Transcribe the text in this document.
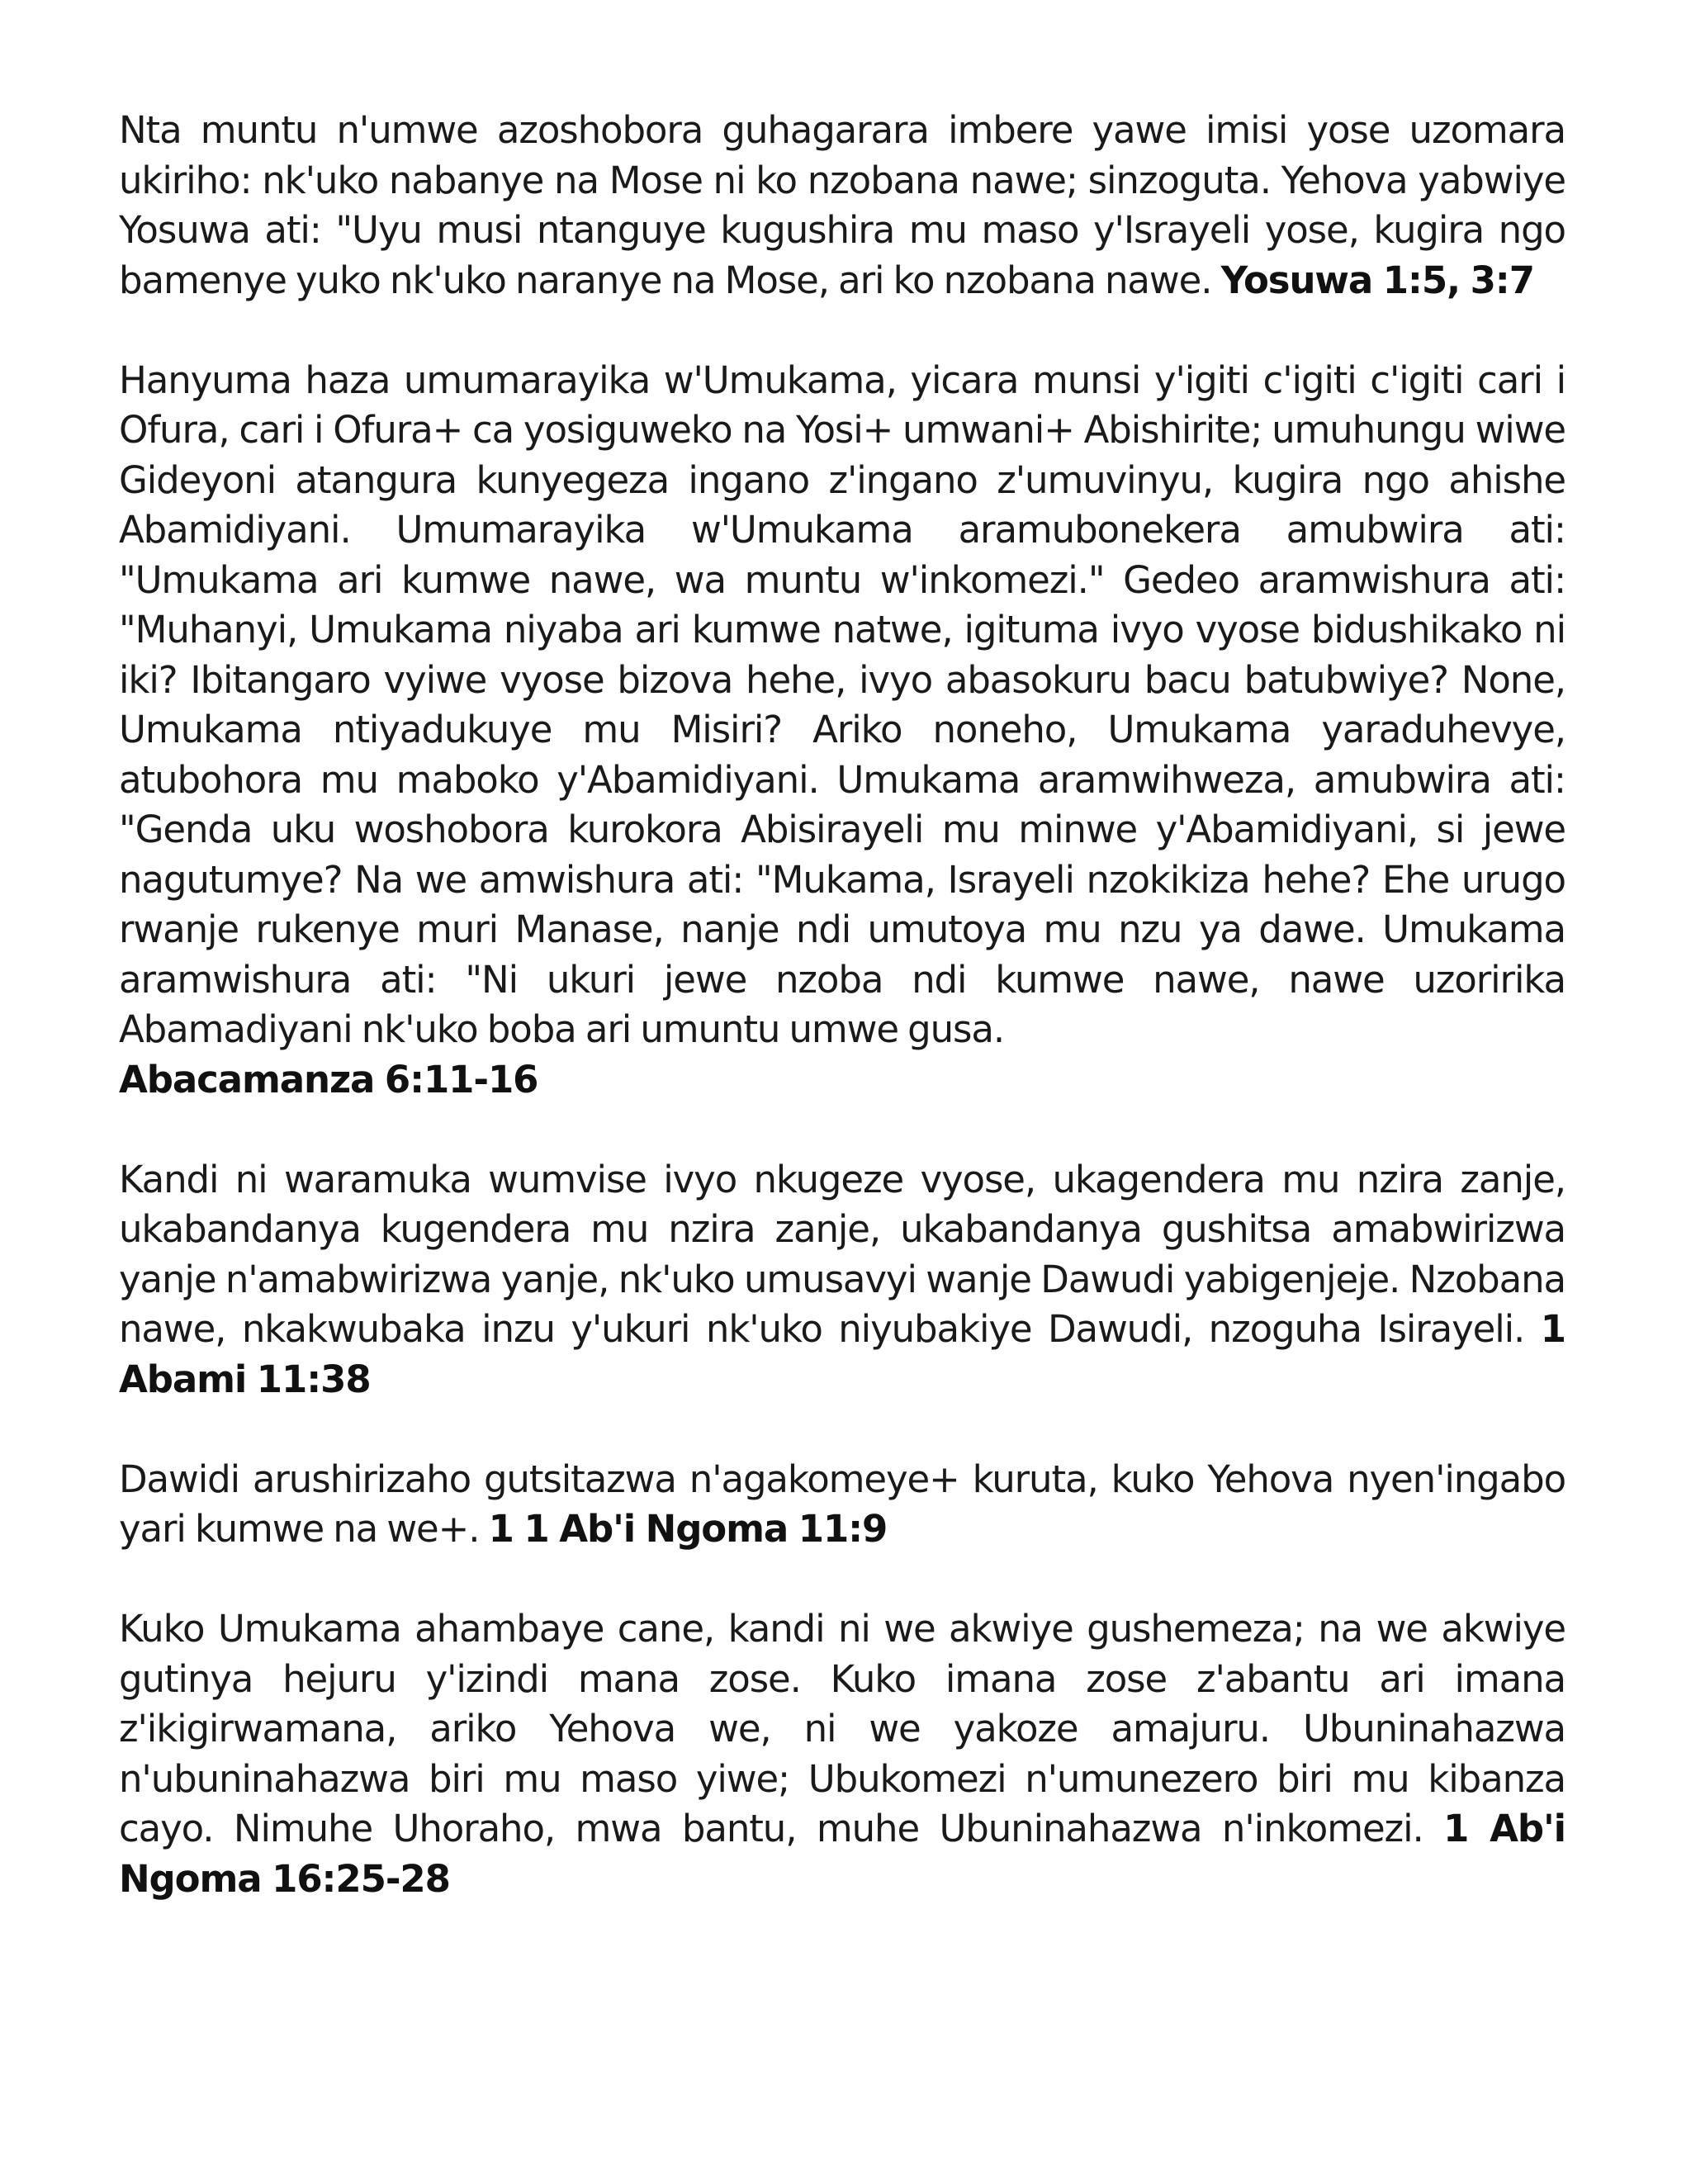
Nta muntu n'umwe azoshobora guhagarara imbere yawe imisi yose uzomara ukiriho: nk'uko nabanye na Mose ni ko nzobana nawe; sinzoguta. Yehova yabwiye Yosuwa ati: "Uyu musi ntanguye kugushira mu maso y'Israyeli yose, kugira ngo bamenye yuko nk'uko naranye na Mose, ari ko nzobana nawe. Yosuwa 1:5, 3:7

Hanyuma haza umumarayika w'Umukama, yicara munsi y'igiti c'igiti c'igiti cari i Ofura, cari i Ofura+ ca yosiguweko na Yosi+ umwani+ Abishirite; umuhungu wiwe Gideyoni atangura kunyegeza ingano z'ingano z'umuvinyu, kugira ngo ahishe Abamidiyani. Umumarayika w'Umukama aramubonekera amubwira ati: "Umukama ari kumwe nawe, wa muntu w'inkomezi." Gedeo aramwishura ati: "Muhanyi, Umukama niyaba ari kumwe natwe, igituma ivyo vyose bidushikako ni iki? Ibitangaro vyiwe vyose bizova hehe, ivyo abasokuru bacu batubwiye? None, Umukama ntiyadukuye mu Misiri? Ariko noneho, Umukama yaraduhevye, atubohora mu maboko y'Abamidiyani. Umukama aramwihweza, amubwira ati: "Genda uku woshobora kurokora Abisirayeli mu minwe y'Abamidiyani, si jewe nagutumye? Na we amwishura ati: "Mukama, Israyeli nzokikiza hehe? Ehe urugo rwanje rukenye muri Manase, nanje ndi umutoya mu nzu ya dawe. Umukama aramwishura ati: "Ni ukuri jewe nzoba ndi kumwe nawe, nawe uzoririka Abamadiyani nk'uko boba ari umuntu umwe gusa.
Abacamanza 6:11-16

Kandi ni waramuka wumvise ivyo nkugeze vyose, ukagendera mu nzira zanje, ukabandanya kugendera mu nzira zanje, ukabandanya gushitsa amabwirizwa yanje n'amabwirizwa yanje, nk'uko umusavyi wanje Dawudi yabigenjeje. Nzobana nawe, nkakwubaka inzu y'ukuri nk'uko niyubakiye Dawudi, nzoguha Isirayeli. 1 Abami 11:38

Dawidi arushirizaho gutsitazwa n'agakomeye+ kuruta, kuko Yehova nyen'ingabo yari kumwe na we+. 1 1 Ab'i Ngoma 11:9

Kuko Umukama ahambaye cane, kandi ni we akwiye gushemeza; na we akwiye gutinya hejuru y'izindi mana zose. Kuko imana zose z'abantu ari imana z'ikigirwamana, ariko Yehova we, ni we yakoze amajuru. Ubuninahazwa n'ubuninahazwa biri mu maso yiwe; Ubukomezi n'umunezero biri mu kibanza cayo. Nimuhe Uhoraho, mwa bantu, muhe Ubuninahazwa n'inkomezi. 1 Ab'i Ngoma 16:25-28
